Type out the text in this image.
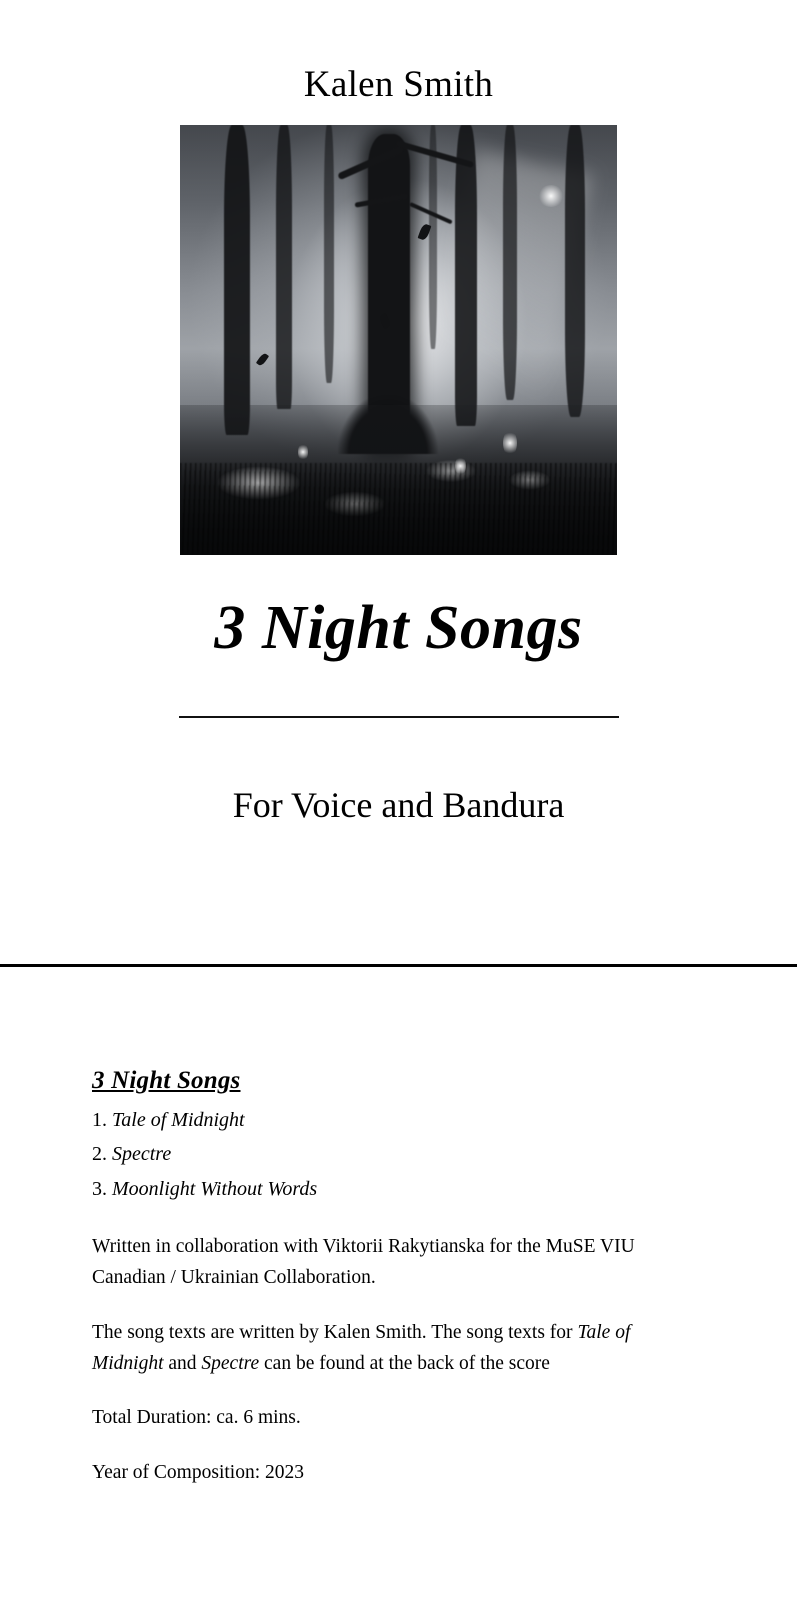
Kalen Smith
3 Night Songs
For Voice and Bandura
3 Night Songs
1. Tale of Midnight
2. Spectre
3. Moonlight Without Words

Written in collaboration with Viktorii Rakytianska for the MuSE VIU Canadian / Ukrainian Collaboration.

The song texts are written by Kalen Smith. The song texts for Tale of Midnight and Spectre can be found at the back of the score

Total Duration: ca. 6 mins.

Year of Composition: 2023
